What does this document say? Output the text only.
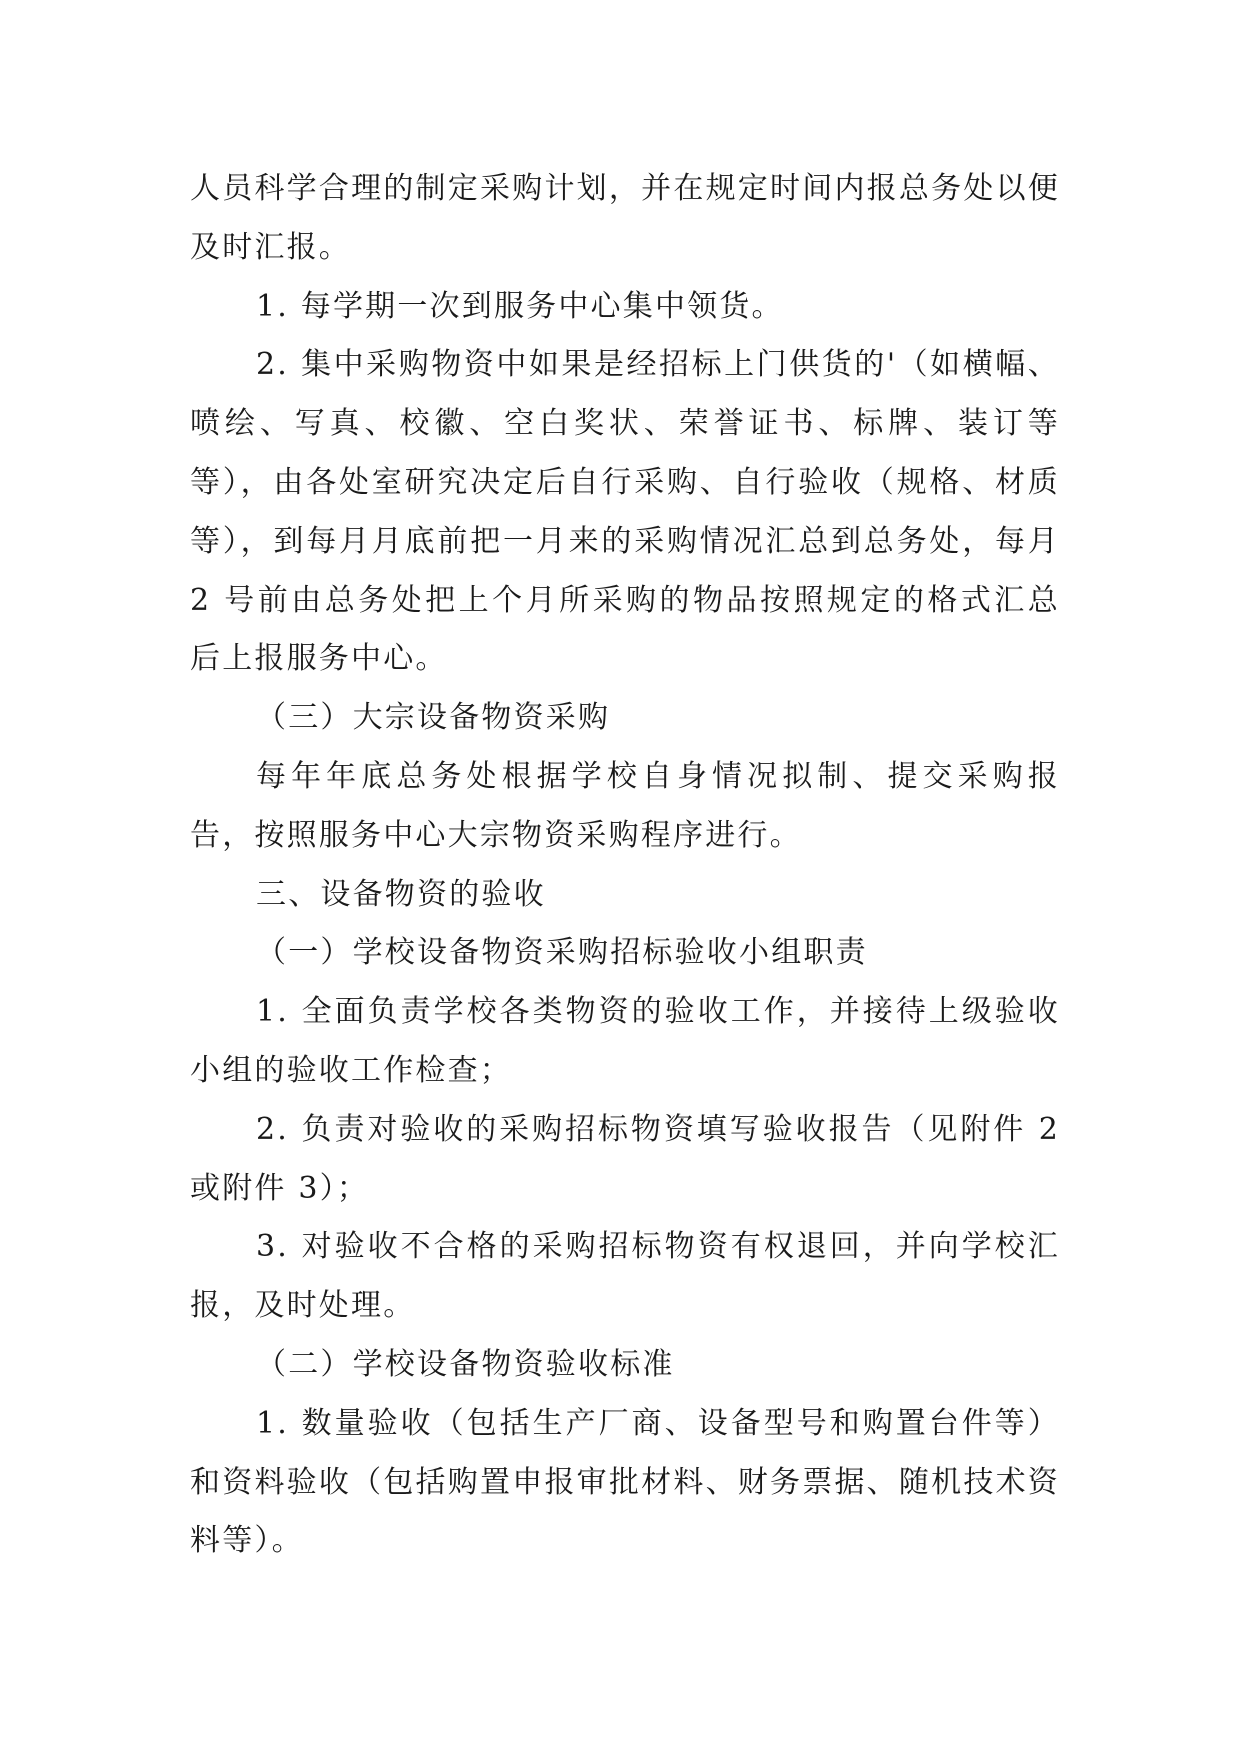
人员科学合理的制定采购计划，并在规定时间内报总务处以便及时汇报。

1. 每学期一次到服务中心集中领货。

2. 集中采购物资中如果是经招标上门供货的'（如横幅、喷绘、写真、校徽、空白奖状、荣誉证书、标牌、装订等等），由各处室研究决定后自行采购、自行验收（规格、材质等），到每月月底前把一月来的采购情况汇总到总务处，每月 2 号前由总务处把上个月所采购的物品按照规定的格式汇总后上报服务中心。

（三）大宗设备物资采购

每年年底总务处根据学校自身情况拟制、提交采购报告，按照服务中心大宗物资采购程序进行。

三、设备物资的验收

（一）学校设备物资采购招标验收小组职责

1. 全面负责学校各类物资的验收工作，并接待上级验收小组的验收工作检查；

2. 负责对验收的采购招标物资填写验收报告（见附件 2 或附件 3）；

3. 对验收不合格的采购招标物资有权退回，并向学校汇报，及时处理。

（二）学校设备物资验收标准

1. 数量验收（包括生产厂商、设备型号和购置台件等）和资料验收（包括购置申报审批材料、财务票据、随机技术资料等）。
